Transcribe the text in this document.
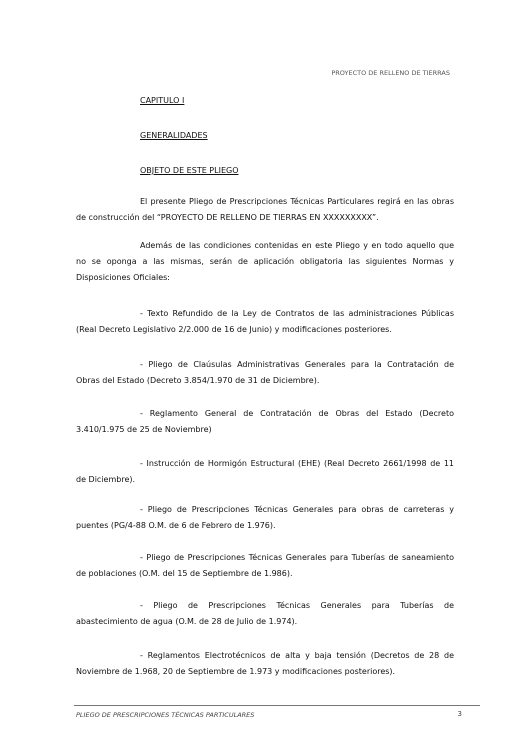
PROYECTO DE RELLENO DE TIERRAS
CAPITULO I
GENERALIDADES
OBJETO DE ESTE PLIEGO

El presente Pliego de Prescripciones Técnicas Particulares regirá en las obras de construcción del “PROYECTO DE RELLENO DE TIERRAS EN XXXXXXXXX”.

Además de las condiciones contenidas en este Pliego y en todo aquello que no se oponga a las mismas, serán de aplicación obligatoria las siguientes Normas y Disposiciones Oficiales:

- Texto Refundido de la Ley de Contratos de las administraciones Públicas (Real Decreto Legislativo 2/2.000 de 16 de Junio) y modificaciones posteriores.

- Pliego de Claúsulas Administrativas Generales para la Contratación de Obras del Estado (Decreto 3.854/1.970 de 31 de Diciembre).

- Reglamento General de Contratación de Obras del Estado (Decreto 3.410/1.975 de 25 de Noviembre)

- Instrucción de Hormigón Estructural (EHE) (Real Decreto 2661/1998 de 11 de Diciembre).

- Pliego de Prescripciones Técnicas Generales para obras de carreteras y puentes (PG/4-88 O.M. de 6 de Febrero de 1.976).

- Pliego de Prescripciones Técnicas Generales para Tuberías de saneamiento de poblaciones (O.M. del 15 de Septiembre de 1.986).

- Pliego de Prescripciones Técnicas Generales para Tuberías de abastecimiento de agua (O.M. de 28 de Julio de 1.974).

- Reglamentos Electrotécnicos de alta y baja tensión (Decretos de 28 de Noviembre de 1.968, 20 de Septiembre de 1.973 y modificaciones posteriores).

PLIEGO DE PRESCRIPCIONES TÉCNICAS PARTICULARES	3
